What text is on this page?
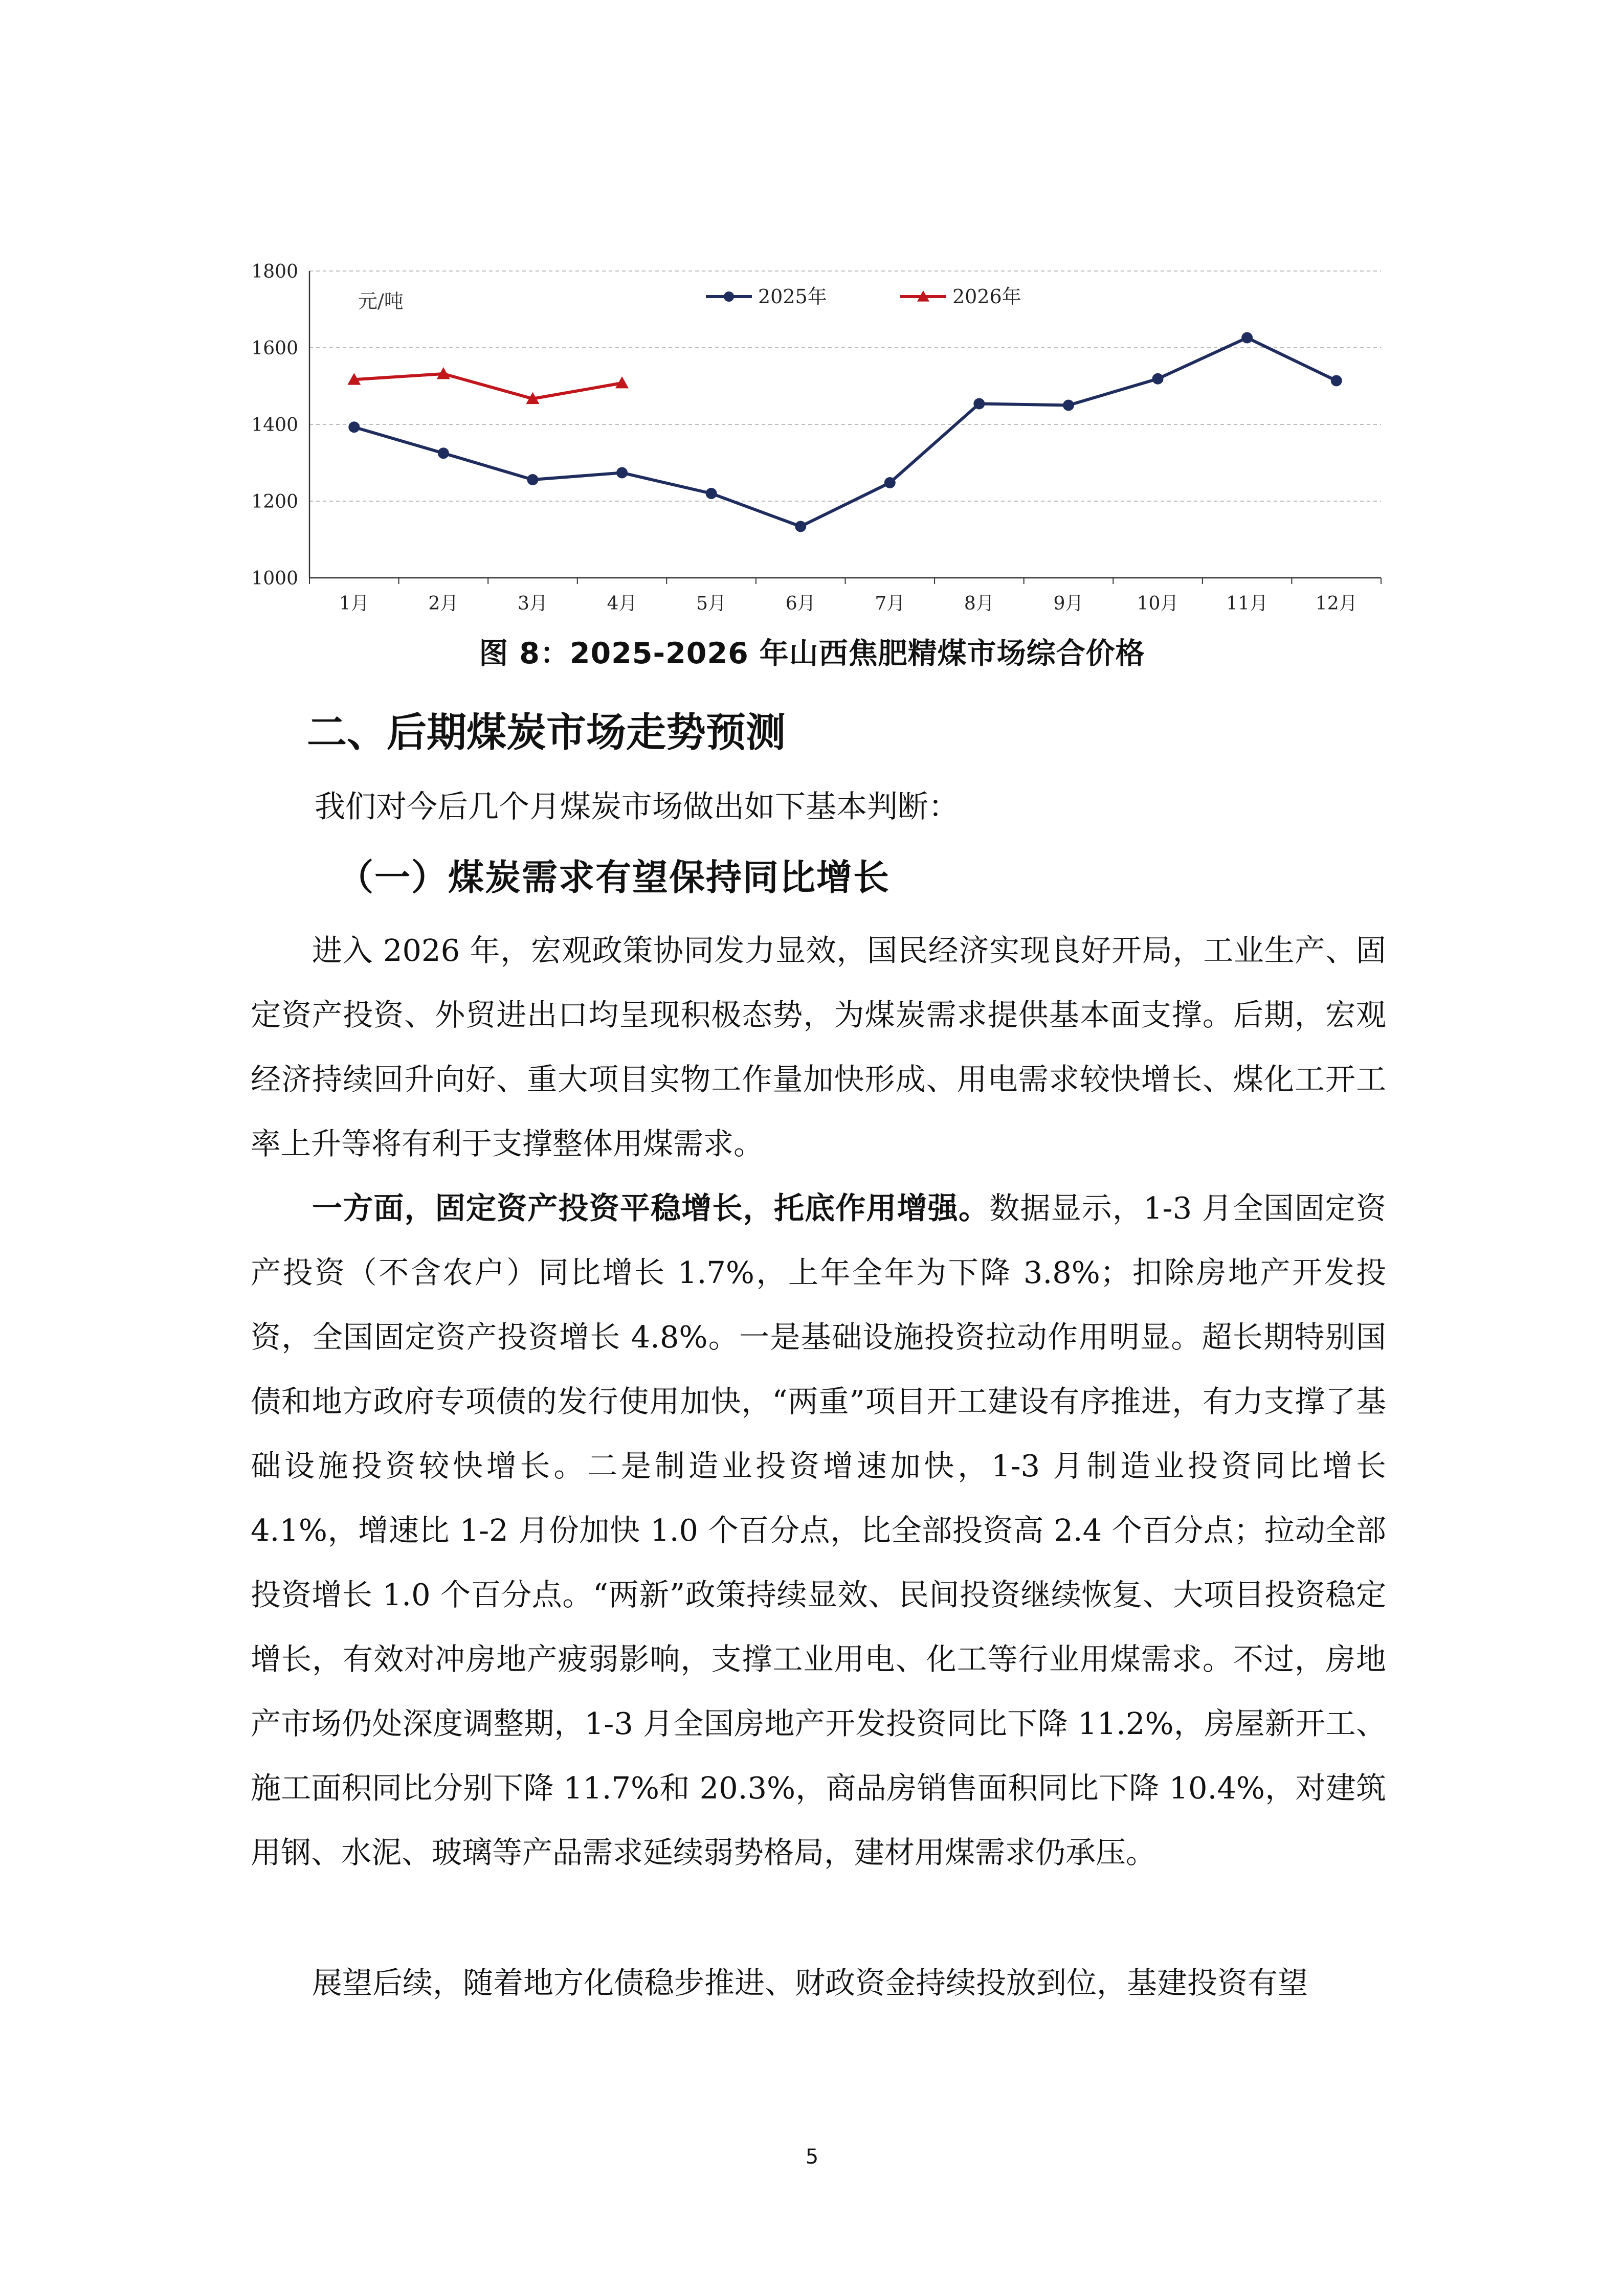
1000
1200
1400
1600
1800
1月	2月	3月	4月	5月	6月	7月	8月	9月	10月	11月	12月
元/吨	2025年	2026年
图 8：2025-2026 年山西焦肥精煤市场综合价格
二、后期煤炭市场走势预测
我们对今后几个月煤炭市场做出如下基本判断：
（一）煤炭需求有望保持同比增长
进入 2026 年，宏观政策协同发力显效，国民经济实现良好开局，工业生产、固定资产投资、外贸进出口均呈现积极态势，为煤炭需求提供基本面支撑。后期，宏观经济持续回升向好、重大项目实物工作量加快形成、用电需求较快增长、煤化工开工率上升等将有利于支撑整体用煤需求。
一方面，固定资产投资平稳增长，托底作用增强。数据显示，1-3 月全国固定资产投资（不含农户）同比增长 1.7%，上年全年为下降 3.8%；扣除房地产开发投资，全国固定资产投资增长 4.8%。一是基础设施投资拉动作用明显。超长期特别国债和地方政府专项债的发行使用加快，“两重”项目开工建设有序推进，有力支撑了基础设施投资较快增长。二是制造业投资增速加快，1-3 月制造业投资同比增长 4.1%，增速比 1-2 月份加快 1.0 个百分点，比全部投资高 2.4 个百分点；拉动全部投资增长 1.0 个百分点。“两新”政策持续显效、民间投资继续恢复、大项目投资稳定增长，有效对冲房地产疲弱影响，支撑工业用电、化工等行业用煤需求。不过，房地产市场仍处深度调整期，1-3 月全国房地产开发投资同比下降 11.2%，房屋新开工、施工面积同比分别下降 11.7%和 20.3%，商品房销售面积同比下降 10.4%，对建筑用钢、水泥、玻璃等产品需求延续弱势格局，建材用煤需求仍承压。
展望后续，随着地方化债稳步推进、财政资金持续投放到位，基建投资有望
5
